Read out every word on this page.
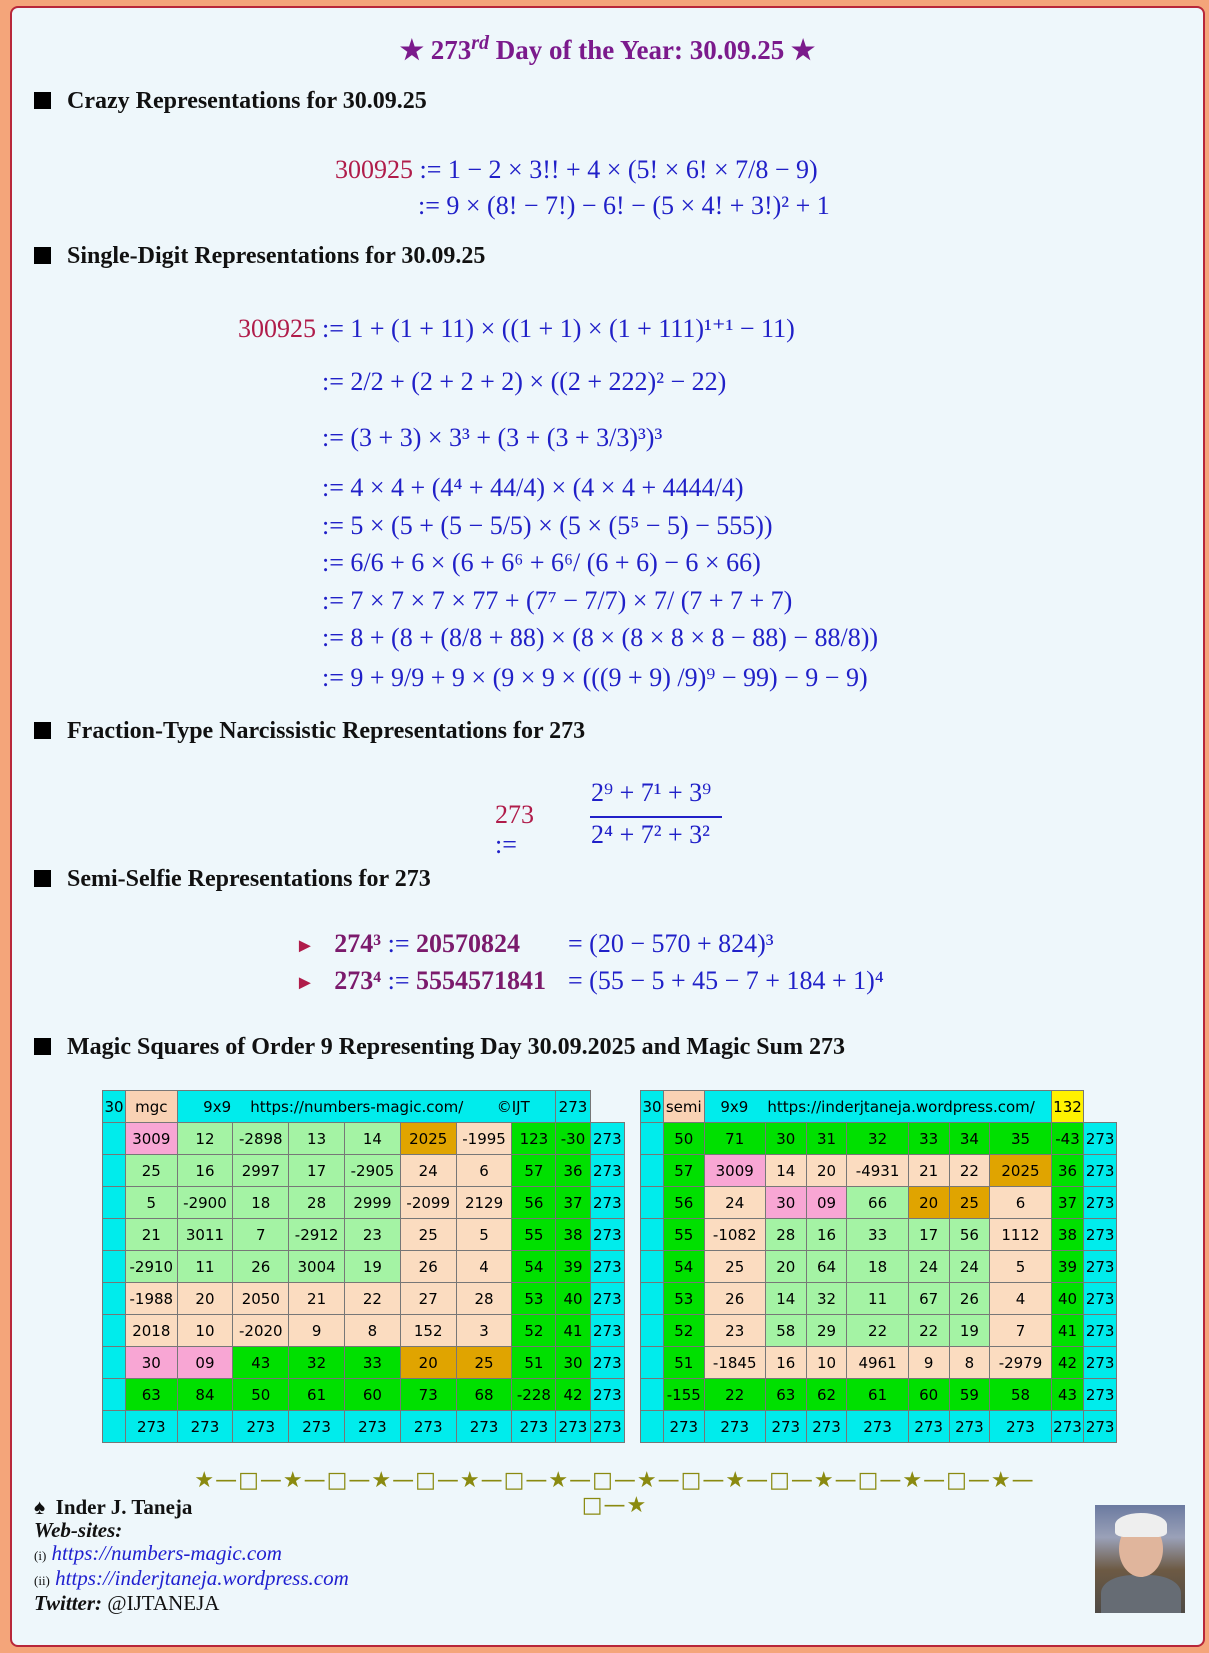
★ 273rd Day of the Year: 30.09.25 ★
Crazy Representations for 30.09.25
300925 := 1 − 2 × 3!! + 4 × (5! × 6! × 7/8 − 9)
:= 9 × (8! − 7!) − 6! − (5 × 4! + 3!)² + 1
Single-Digit Representations for 30.09.25
300925 := 1 + (1 + 11) × ((1 + 1) × (1 + 111)¹⁺¹ − 11)
:= 2/2 + (2 + 2 + 2) × ((2 + 222)² − 22)
:= (3 + 3) × 3³ + (3 + (3 + 3/3)³)³
:= 4 × 4 + (4⁴ + 44/4) × (4 × 4 + 4444/4)
:= 5 × (5 + (5 − 5/5) × (5 × (5⁵ − 5) − 555))
:= 6/6 + 6 × (6 + 6⁶ + 6⁶/ (6 + 6) − 6 × 66)
:= 7 × 7 × 7 × 77 + (7⁷ − 7/7) × 7/ (7 + 7 + 7)
:= 8 + (8 + (8/8 + 88) × (8 × (8 × 8 × 8 − 88) − 88/8))
:= 9 + 9/9 + 9 × (9 × 9 × (((9 + 9) /9)⁹ − 99) − 9 − 9)
Fraction-Type Narcissistic Representations for 273
273 :=
2⁹ + 7¹ + 3⁹
2⁴ + 7² + 3²
Semi-Selfie Representations for 273
► 274³ := 20570824 = (20 − 570 + 824)³
► 273⁴ := 5554571841 = (55 − 5 + 45 − 7 + 184 + 1)⁴
Magic Squares of Order 9 Representing Day 30.09.2025 and Magic Sum 273
30	mgc	9x9    https://numbers-magic.com/       ©IJT							273	
	3009	12	-2898	13	14	2025	-1995	123	-30	273
	25	16	2997	17	-2905	24	6	57	36	273
	5	-2900	18	28	2999	-2099	2129	56	37	273
	21	3011	7	-2912	23	25	5	55	38	273
	-2910	11	26	3004	19	26	4	54	39	273
	-1988	20	2050	21	22	27	28	53	40	273
	2018	10	-2020	9	8	152	3	52	41	273
	30	09	43	32	33	20	25	51	30	273
	63	84	50	61	60	73	68	-228	42	273
	273	273	273	273	273	273	273	273	273	273
30	semi	9x9    https://inderjtaneja.wordpress.com/							132	
	50	71	30	31	32	33	34	35	-43	273
	57	3009	14	20	-4931	21	22	2025	36	273
	56	24	30	09	66	20	25	6	37	273
	55	-1082	28	16	33	17	56	1112	38	273
	54	25	20	64	18	24	24	5	39	273
	53	26	14	32	11	67	26	4	40	273
	52	23	58	29	22	22	19	7	41	273
	51	-1845	16	10	4961	9	8	-2979	42	273
	-155	22	63	62	61	60	59	58	43	273
	273	273	273	273	273	273	273	273	273	273
★—□—★—□—★—□—★—□—★—□—★—□—★—□—★—□—★—□—★—□—★
♠ Inder J. Taneja
Web-sites:
(i) https://numbers-magic.com
(ii) https://inderjtaneja.wordpress.com
Twitter: @IJTANEJA
